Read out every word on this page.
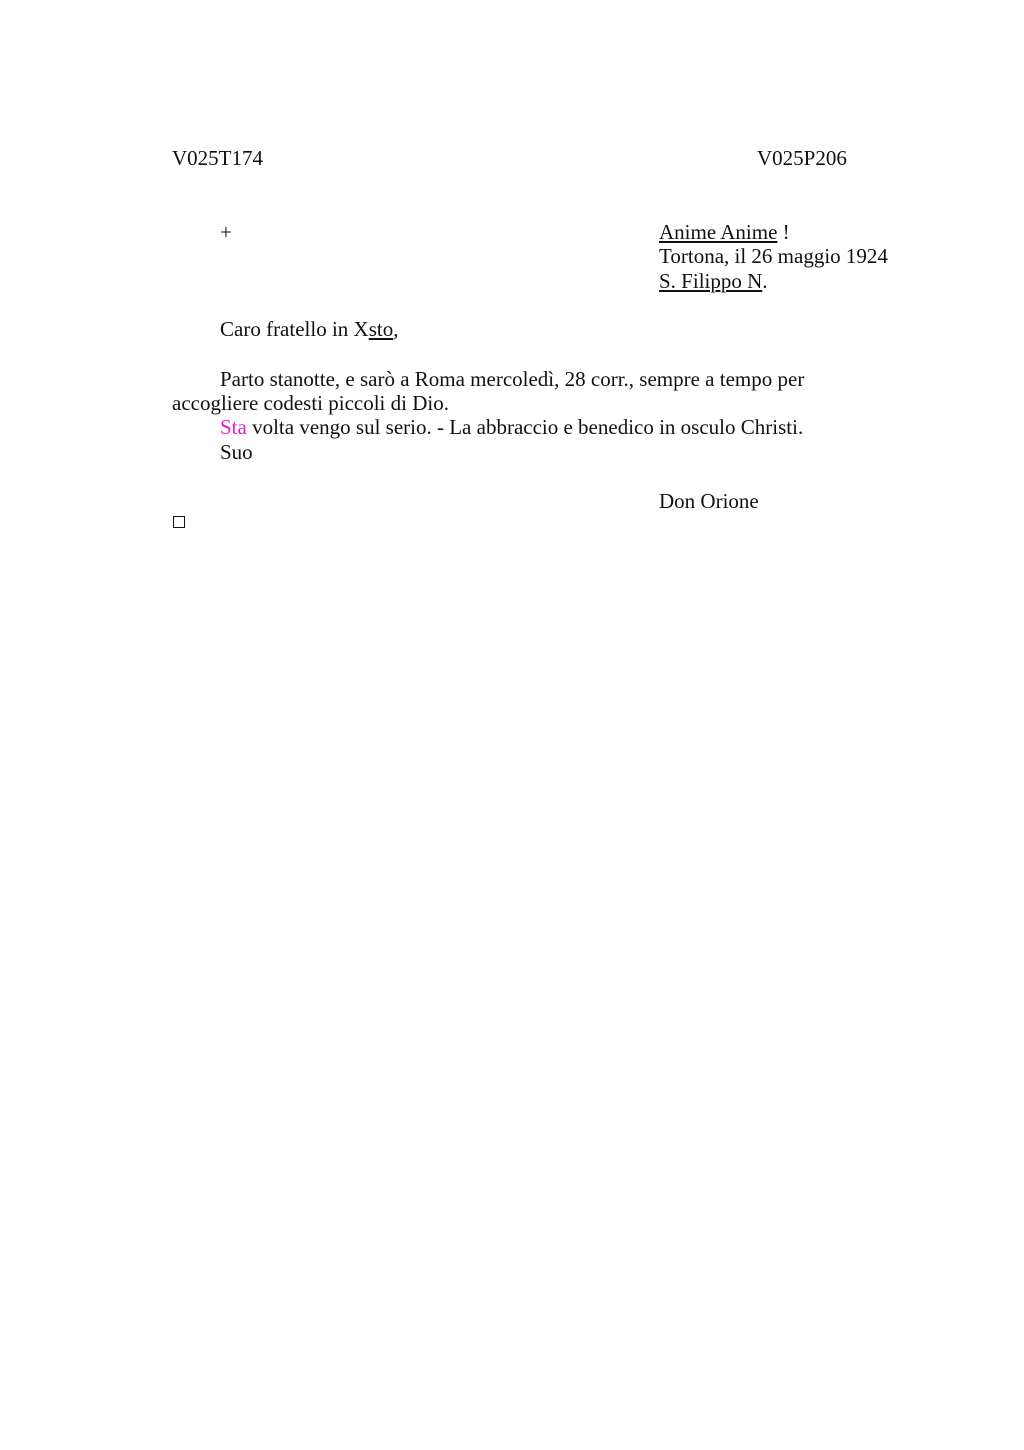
V025T174	V025P206
+	Anime Anime !
Tortona, il 26 maggio 1924
S. Filippo N.
Caro fratello in Xsto,
Parto stanotte, e sarò a Roma mercoledì, 28 corr., sempre a tempo per accogliere codesti piccoli di Dio.
Sta volta vengo sul serio. - La abbraccio e benedico in osculo Christi.
Suo
Don Orione
